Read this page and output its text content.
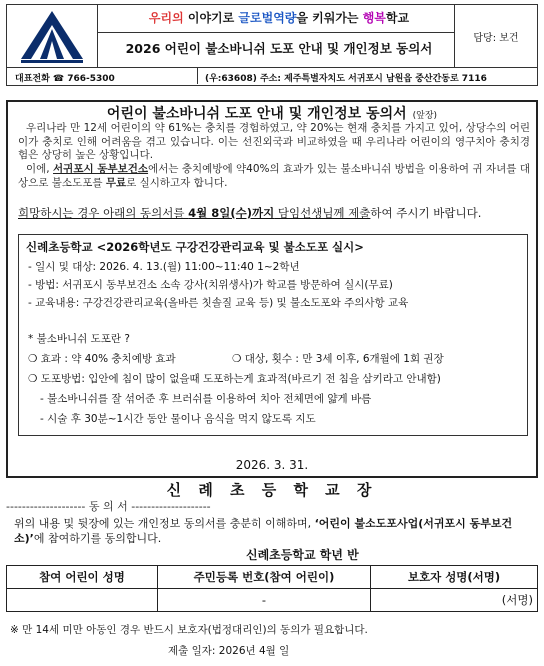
우리의 이야기로 글로벌역량을 키워가는 행복학교
2026 어린이 불소바니쉬 도포 안내 및 개인정보 동의서
담당: 보건
대표전화 ☎ 766-5300	(우:63608) 주소: 제주특별자치도 서귀포시 남원읍 중산간동로 7116
어린이 불소바니쉬 도포 안내 및 개인정보 동의서 (앞장)
우리나라 만 12세 어린이의 약 61%는 충치를 경험하였고, 약 20%는 현재 충치를 가지고 있어, 상당수의 어린이가 충치로 인해 어려움을 겪고 있습니다. 이는 선진외국과 비교하였을 때 우리나라 어린이의 영구치아 충치경험은 상당히 높은 상황입니다.
이에, 서귀포시 동부보건소에서는 충치예방에 약40%의 효과가 있는 불소바니쉬 방법을 이용하여 귀 자녀를 대상으로 불소도포를 무료로 실시하고자 합니다.
희망하시는 경우 아래의 동의서를 4월 8일(수)까지 담임선생님께 제출하여 주시기 바랍니다.
신례초등학교 <2026학년도 구강건강관리교육 및 불소도포 실시>
- 일시 및 대상: 2026. 4. 13.(월) 11:00~11:40 1~2학년
- 방법: 서귀포시 동부보건소 소속 강사(치위생사)가 학교를 방문하여 실시(무료)
- 교육내용: 구강건강관리교육(올바른 칫솔질 교육 등) 및 불소도포와 주의사항 교육
* 불소바니쉬 도포란 ?
❍ 효과 : 약 40% 충치예방 효과	❍ 대상, 횟수 : 만 3세 이후, 6개월에 1회 권장
❍ 도포방법: 입안에 침이 많이 없을때 도포하는게 효과적(바르기 전 침을 삼키라고 안내함)
- 불소바니쉬를 잘 섞어준 후 브러쉬를 이용하여 치아 전체면에 얇게 바름
- 시술 후 30분~1시간 동안 물이나 음식을 먹지 않도록 지도
2026. 3. 31.
신 례 초 등 학 교 장
-------------------- 동 의 서 --------------------
위의 내용 및 뒷장에 있는 개인정보 동의서를 충분히 이해하며, ‘어린이 불소도포사업(서귀포시 동부보건소)’에 참여하기를 동의합니다.
신례초등학교 학년 반
참여 어린이 성명	주민등록 번호(참여 어린이)	보호자 성명(서명)
	-	(서명)
※ 만 14세 미만 아동인 경우 반드시 보호자(법정대리인)의 동의가 필요합니다.
제출 일자: 2026년 4월 일
